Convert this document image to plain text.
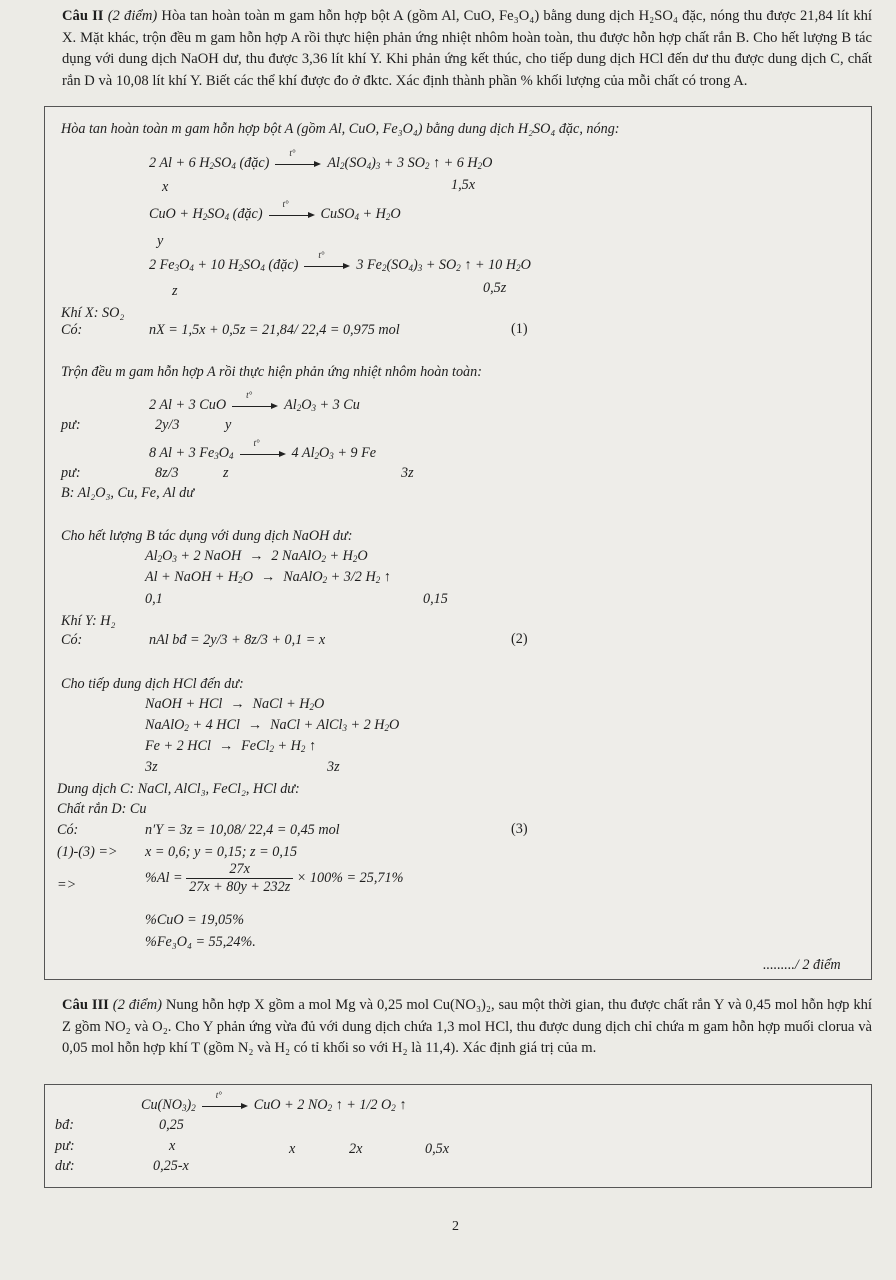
Câu II (2 điểm) Hòa tan hoàn toàn m gam hỗn hợp bột A (gồm Al, CuO, Fe₃O₄) bằng dung dịch H₂SO₄ đặc, nóng thu được 21,84 lít khí X. Mặt khác, trộn đều m gam hỗn hợp A rồi thực hiện phản ứng nhiệt nhôm hoàn toàn, thu được hỗn hợp chất rắn B. Cho hết lượng B tác dụng với dung dịch NaOH dư, thu được 3,36 lít khí Y. Khi phản ứng kết thúc, cho tiếp dung dịch HCl đến dư thu được dung dịch C, chất rắn D và 10,08 lít khí Y. Biết các thể khí được đo ở đktc. Xác định thành phần % khối lượng của mỗi chất có trong A.
Hòa tan hoàn toàn m gam hỗn hợp bột A (gồm Al, CuO, Fe₃O₄) bằng dung dịch H₂SO₄ đặc, nóng:
2 Al + 6 $H_2SO_4$ (đặc)
t°
$Al_2(SO_4)_3 + 3$ $SO_2$ ↑ + 6 $H_2O$
x	1,5x
CuO + $H_2SO_4$ (đặc)
t°
CuSO$_4$ + $H_2O$
y
2 $Fe_3O_4 + 10$ $H_2SO_4$ (đặc)
t°
3 $Fe_2(SO_4)_3 + SO_2$ ↑ + 10 $H_2O$
z	0,5z
Khí X: SO₂
Có:	nX = 1,5x + 0,5z = 21,84/ 22,4 = 0,975 mol	(1)
Trộn đều m gam hỗn hợp A rồi thực hiện phản ứng nhiệt nhôm hoàn toàn:
2 Al + 3 CuO
t°
$Al_2O_3 + 3$ Cu
pư:	2y/3	y
8 Al + 3 $Fe_3O_4$
t°
4 $Al_2O_3 + 9$ Fe
pư:	8z/3	z	3z
B: Al₂O₃, Cu, Fe, Al dư
Cho hết lượng B tác dụng với dung dịch NaOH dư:
$Al_2O_3 + 2$ NaOH → 2 NaAlO$_2$ + $H_2O$
Al + NaOH + $H_2O$ → NaAlO$_2$ + 3/2 $H_2$ ↑
0,1	0,15
Khí Y: H₂
Có:	nAl bđ = 2y/3 + 8z/3 + 0,1 = x	(2)
Cho tiếp dung dịch HCl đến dư:
NaOH + HCl → NaCl + $H_2O$
NaAlO$_2$ + 4 HCl → NaCl + AlCl$_3$ + 2 $H_2O$
Fe + 2 HCl → FeCl$_2$ + $H_2$ ↑
3z	3z
Dung dịch C: NaCl, AlCl₃, FeCl₂, HCl dư:
Chất rắn D: Cu
Có:	n′Y = 3z = 10,08/ 22,4 = 0,45 mol	(3)
(1)-(3) => x = 0,6; y = 0,15; z = 0,15
=>	$\%Al = \frac{27x}{27x + 80y + 232z} \times 100\% = 25,71\%$
%CuO = 19,05%
%Fe₃O₄ = 55,24%.
........./ 2 điểm
Câu III (2 điểm) Nung hỗn hợp X gồm a mol Mg và 0,25 mol Cu(NO₃)₂, sau một thời gian, thu được chất rắn Y và 0,45 mol hỗn hợp khí Z gồm NO₂ và O₂. Cho Y phản ứng vừa đủ với dung dịch chứa 1,3 mol HCl, thu được dung dịch chỉ chứa m gam hỗn hợp muối clorua và 0,05 mol hỗn hợp khí T (gồm N₂ và H₂ có tỉ khối so với H₂ là 11,4). Xác định giá trị của m.
$Cu(NO_3)_2$
t°
CuO + 2 $NO_2$ ↑ + 1/2 $O_2$ ↑
bđ:	0,25
pư:	x	x	2x	0,5x
dư:	0,25-x
2
